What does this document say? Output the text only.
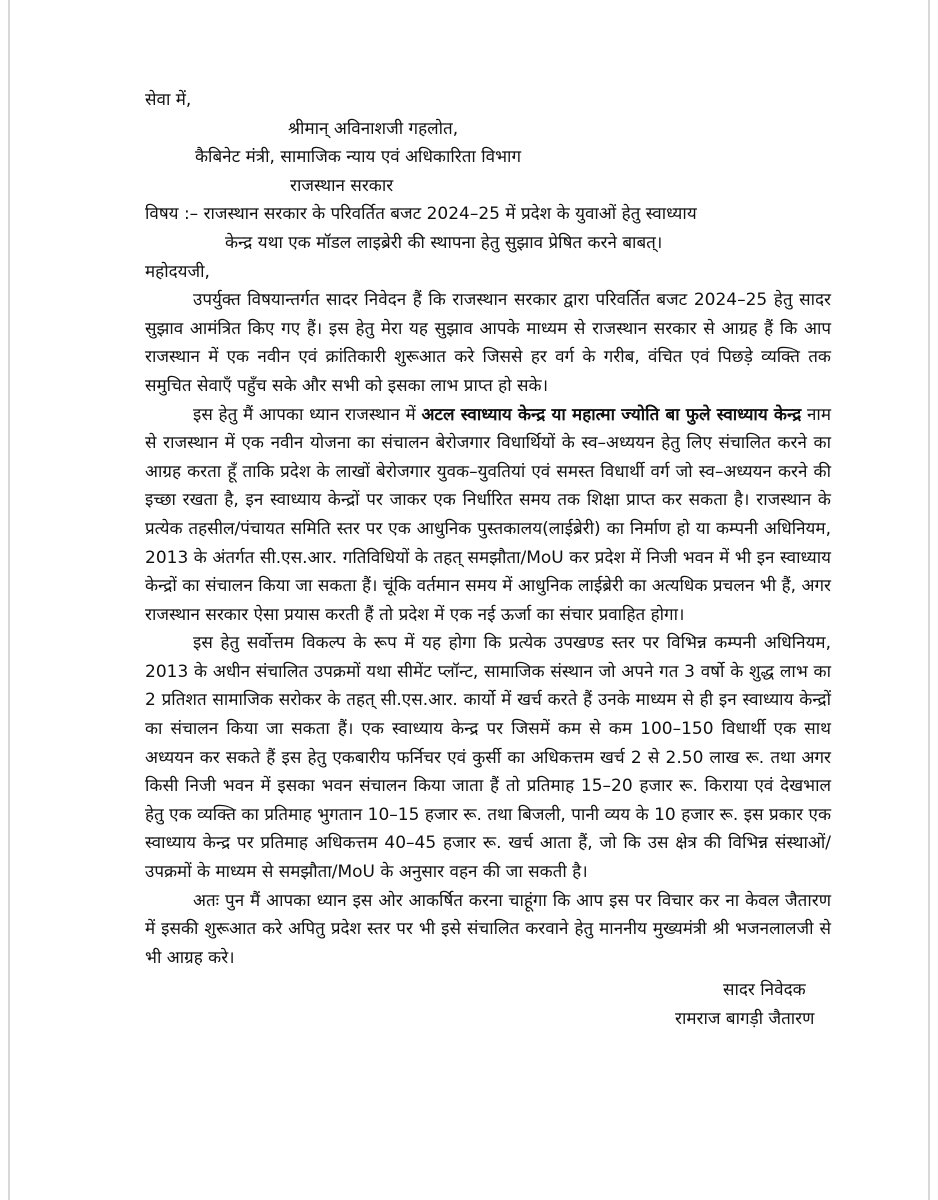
सेवा में,
श्रीमान् अविनाशजी गहलोत,
कैबिनेट मंत्री, सामाजिक न्याय एवं अधिकारिता विभाग
राजस्थान सरकार
विषय :– राजस्थान सरकार के परिवर्तित बजट 2024–25 में प्रदेश के युवाओं हेतु स्वाध्याय
केन्द्र यथा एक मॉडल लाइब्रेरी की स्थापना हेतु सुझाव प्रेषित करने बाबत्।
महोदयजी,

उपर्युक्त विषयान्तर्गत सादर निवेदन हैं कि राजस्थान सरकार द्वारा परिवर्तित बजट 2024–25 हेतु सादर सुझाव आमंत्रित किए गए हैं। इस हेतु मेरा यह सुझाव आपके माध्यम से राजस्थान सरकार से आग्रह हैं कि आप राजस्थान में एक नवीन एवं क्रांतिकारी शुरूआत करे जिससे हर वर्ग के गरीब, वंचित एवं पिछड़े व्यक्ति तक समुचित सेवाऍं पहुँच सके और सभी को इसका लाभ प्राप्त हो सके।

इस हेतु मैं आपका ध्यान राजस्थान में अटल स्वाध्याय केन्द्र या महात्मा ज्योति बा फुले स्वाध्याय केन्द्र नाम से राजस्थान में एक नवीन योजना का संचालन बेरोजगार विधार्थियों के स्व–अध्ययन हेतु लिए संचालित करने का आग्रह करता हूँ ताकि प्रदेश के लाखों बेरोजगार युवक–युवतियां एवं समस्त विधार्थी वर्ग जो स्व–अध्ययन करने की इच्छा रखता है, इन स्वाध्याय केन्द्रों पर जाकर एक निर्धारित समय तक शिक्षा प्राप्त कर सकता है। राजस्थान के प्रत्येक तहसील/पंचायत समिति स्तर पर एक आधुनिक पुस्तकालय(लाईब्रेरी) का निर्माण हो या कम्पनी अधिनियम, 2013 के अंतर्गत सी.एस.आर. गतिविधियों के तहत् समझौता/MoU कर प्रदेश में निजी भवन में भी इन स्वाध्याय केन्द्रों का संचालन किया जा सकता हैं। चूंकि वर्तमान समय में आधुनिक लाईब्रेरी का अत्यधिक प्रचलन भी हैं, अगर राजस्थान सरकार ऐसा प्रयास करती हैं तो प्रदेश में एक नई ऊर्जा का संचार प्रवाहित होगा।

इस हेतु सर्वोत्तम विकल्प के रूप में यह होगा कि प्रत्येक उपखण्ड स्तर पर विभिन्न कम्पनी अधिनियम, 2013 के अधीन संचालित उपक्रमों यथा सीमेंट प्लॉन्ट, सामाजिक संस्थान जो अपने गत 3 वर्षो के शुद्ध लाभ का 2 प्रतिशत सामाजिक सरोकर के तहत् सी.एस.आर. कार्यो में खर्च करते हैं उनके माध्यम से ही इन स्वाध्याय केन्द्रों का संचालन किया जा सकता हैं। एक स्वाध्याय केन्द्र पर जिसमें कम से कम 100–150 विधार्थी एक साथ अध्ययन कर सकते हैं इस हेतु एकबारीय फर्निचर एवं कुर्सी का अधिकत्तम खर्च 2 से 2.50 लाख रू. तथा अगर किसी निजी भवन में इसका भवन संचालन किया जाता हैं तो प्रतिमाह 15–20 हजार रू. किराया एवं देखभाल हेतु एक व्यक्ति का प्रतिमाह भुगतान 10–15 हजार रू. तथा बिजली, पानी व्यय के 10 हजार रू. इस प्रकार एक स्वाध्याय केन्द्र पर प्रतिमाह अधिकत्तम 40–45 हजार रू. खर्च आता हैं, जो कि उस क्षेत्र की विभिन्न संस्थाओं/उपक्रमों के माध्यम से समझौता/MoU के अनुसार वहन की जा सकती है।

अतः पुन मैं आपका ध्यान इस ओर आकर्षित करना चाहूंगा कि आप इस पर विचार कर ना केवल जैतारण में इसकी शुरूआत करे अपितु प्रदेश स्तर पर भी इसे संचालित करवाने हेतु माननीय मुख्यमंत्री श्री भजनलालजी से भी आग्रह करे।

सादर निवेदक
रामराज बागड़ी जैतारण
